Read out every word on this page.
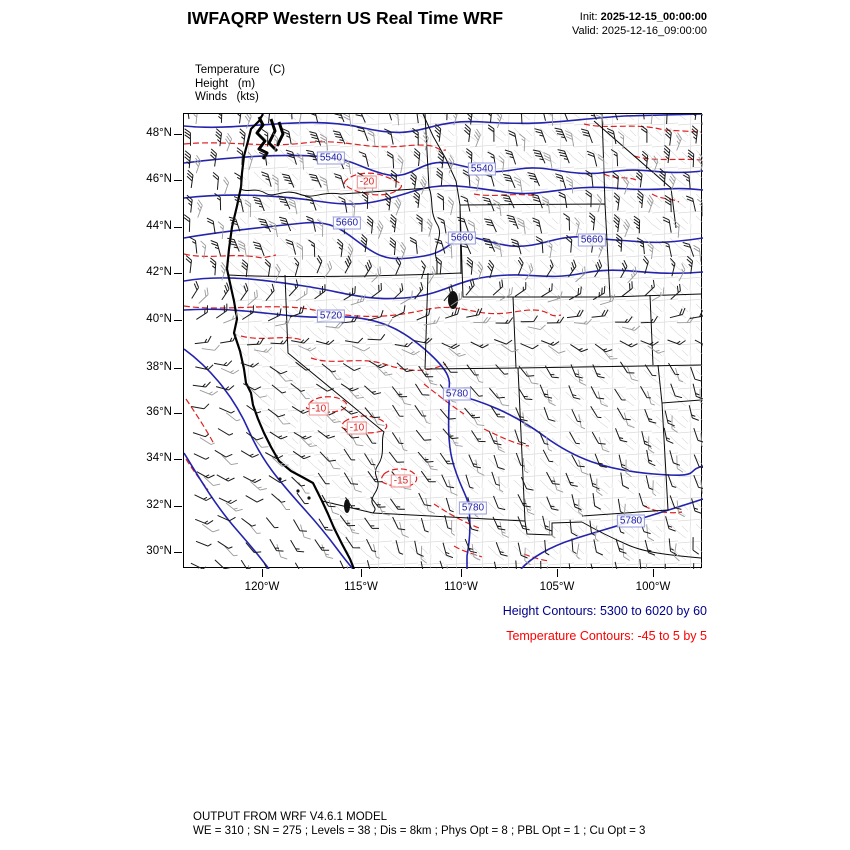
IWFAQRP Western US Real Time WRF	Init: 2025-12-15_00:00:00
Valid: 2025-12-16_09:00:00
Temperature   (C)
Height   (m)
Winds   (kts)
5540
5540
5660
5660	5660
5720
5780
5780
5780
-20
-10
-10
-15
48°N
46°N
44°N
42°N
40°N
38°N
36°N
34°N
32°N
30°N
120°W	115°W	110°W	105°W	100°W
Height Contours: 5300 to 6020 by 60
Temperature Contours: -45 to 5 by 5
OUTPUT FROM WRF V4.6.1 MODEL
WE = 310 ; SN = 275 ; Levels = 38 ; Dis = 8km ; Phys Opt = 8 ; PBL Opt = 1 ; Cu Opt = 3
